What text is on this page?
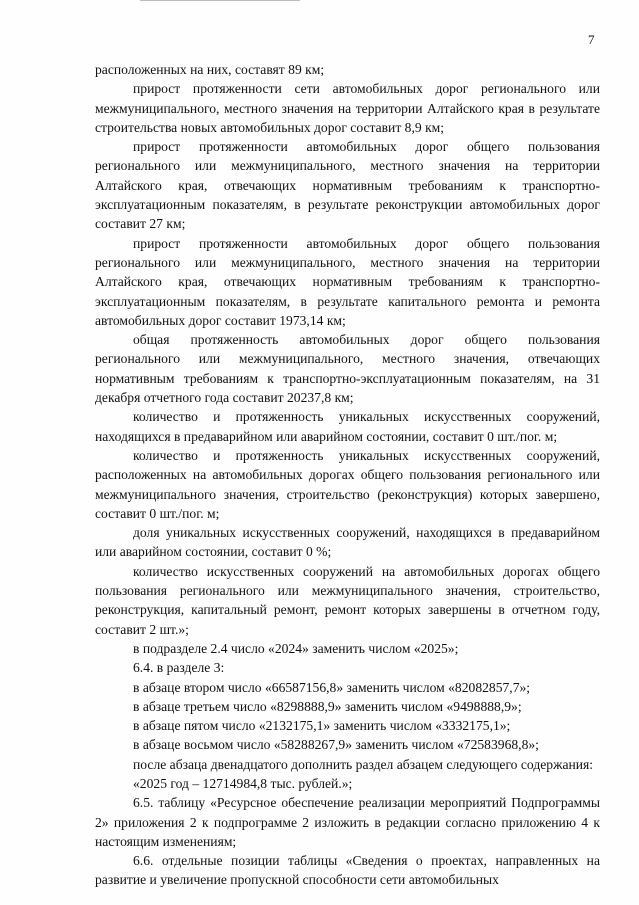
7

расположенных на них, составят 89 км;

прирост протяженности сети автомобильных дорог регионального или межмуниципального, местного значения на территории Алтайского края в результате строительства новых автомобильных дорог составит 8,9 км;

прирост протяженности автомобильных дорог общего пользования регионального или межмуниципального, местного значения на территории Алтайского края, отвечающих нормативным требованиям к транспортно-эксплуатационным показателям, в результате реконструкции автомобильных дорог составит 27 км;

прирост протяженности автомобильных дорог общего пользования регионального или межмуниципального, местного значения на территории Алтайского края, отвечающих нормативным требованиям к транспортно-эксплуатационным показателям, в результате капитального ремонта и ремонта автомобильных дорог составит 1973,14 км;

общая протяженность автомобильных дорог общего пользования регионального или межмуниципального, местного значения, отвечающих нормативным требованиям к транспортно-эксплуатационным показателям, на 31 декабря отчетного года составит 20237,8 км;

количество и протяженность уникальных искусственных сооружений, находящихся в предаварийном или аварийном состоянии, составит 0 шт./пог. м;

количество и протяженность уникальных искусственных сооружений, расположенных на автомобильных дорогах общего пользования регионального или межмуниципального значения, строительство (реконструкция) которых завершено, составит 0 шт./пог. м;

доля уникальных искусственных сооружений, находящихся в предаварийном или аварийном состоянии, составит 0 %;

количество искусственных сооружений на автомобильных дорогах общего пользования регионального или межмуниципального значения, строительство, реконструкция, капитальный ремонт, ремонт которых завершены в отчетном году, составит 2 шт.»;

в подразделе 2.4 число «2024» заменить числом «2025»;

6.4. в разделе 3:

в абзаце втором число «66587156,8» заменить числом «82082857,7»;

в абзаце третьем число «8298888,9» заменить числом «9498888,9»;

в абзаце пятом число «2132175,1» заменить числом «3332175,1»;

в абзаце восьмом число «58288267,9» заменить числом «72583968,8»;

после абзаца двенадцатого дополнить раздел абзацем следующего содержания:

«2025 год – 12714984,8 тыс. рублей.»;

6.5. таблицу «Ресурсное обеспечение реализации мероприятий Подпрограммы 2» приложения 2 к подпрограмме 2 изложить в редакции согласно приложению 4 к настоящим изменениям;

6.6. отдельные позиции таблицы «Сведения о проектах, направленных на развитие и увеличение пропускной способности сети автомобильных
